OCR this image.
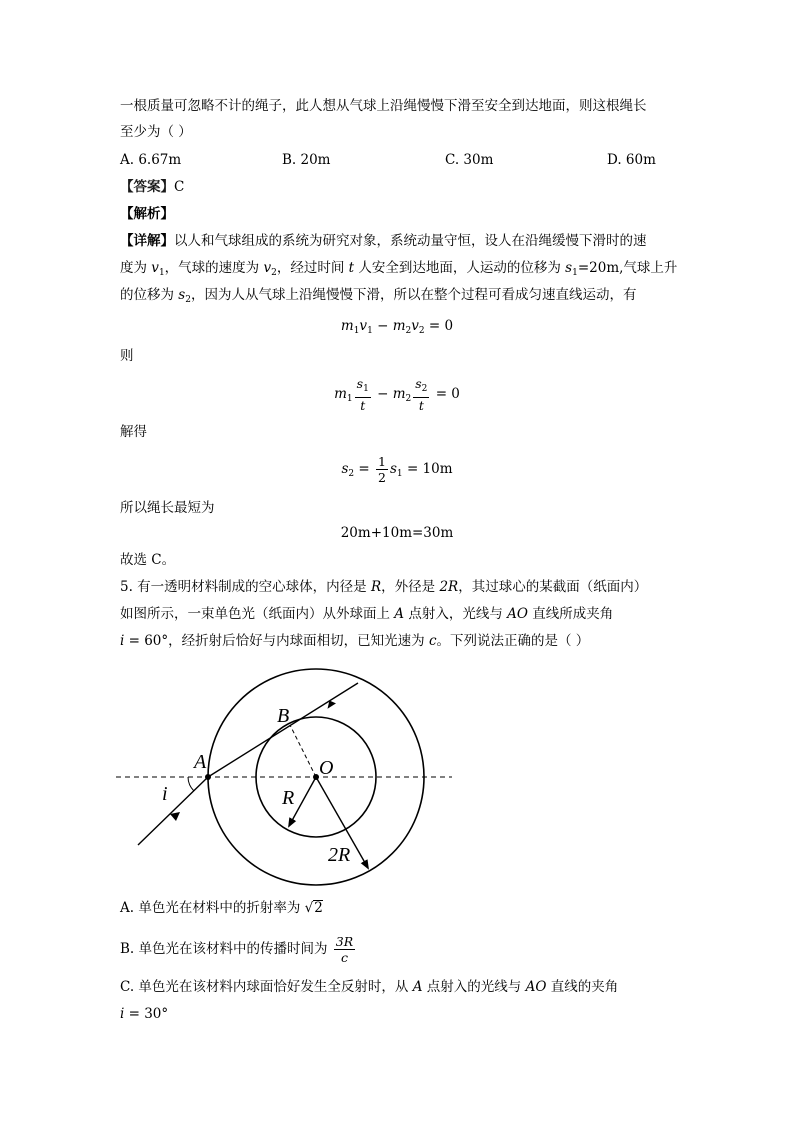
一根质量可忽略不计的绳子，此人想从气球上沿绳慢慢下滑至安全到达地面，则这根绳长
至少为（ ）
A. 6.67m	B. 20m	C. 30m	D. 60m
【答案】C
【解析】
【详解】以人和气球组成的系统为研究对象，系统动量守恒，设人在沿绳缓慢下滑时的速
度为 $v_1$，气球的速度为 $v_2$，经过时间 t 人安全到达地面，人运动的位移为 $s_1=20m$,气球上升
的位移为 $s_2$，因为人从气球上沿绳慢慢下滑，所以在整个过程可看成匀速直线运动，有
$m_1v_1 - m_2v_2 = 0$
则
$m_1 \frac{s_1}{t} - m_2 \frac{s_2}{t} = 0$
解得
$s_2 = \frac{1}{2} s_1 = 10m$
所以绳长最短为
20m+10m=30m
故选 C。
5. 有一透明材料制成的空心球体，内径是 R，外径是 2R，其过球心的某截面（纸面内）
如图所示，一束单色光（纸面内）从外球面上 A 点射入，光线与 AO 直线所成夹角
i = 60°，经折射后恰好与内球面相切，已知光速为 c。下列说法正确的是（ ）
A
B
O
R
2R
i
A. 单色光在材料中的折射率为 √2
B. 单色光在该材料中的传播时间为 $\frac{3R}{c}$
C. 单色光在该材料内球面恰好发生全反射时，从 A 点射入的光线与 AO 直线的夹角
i = 30°
